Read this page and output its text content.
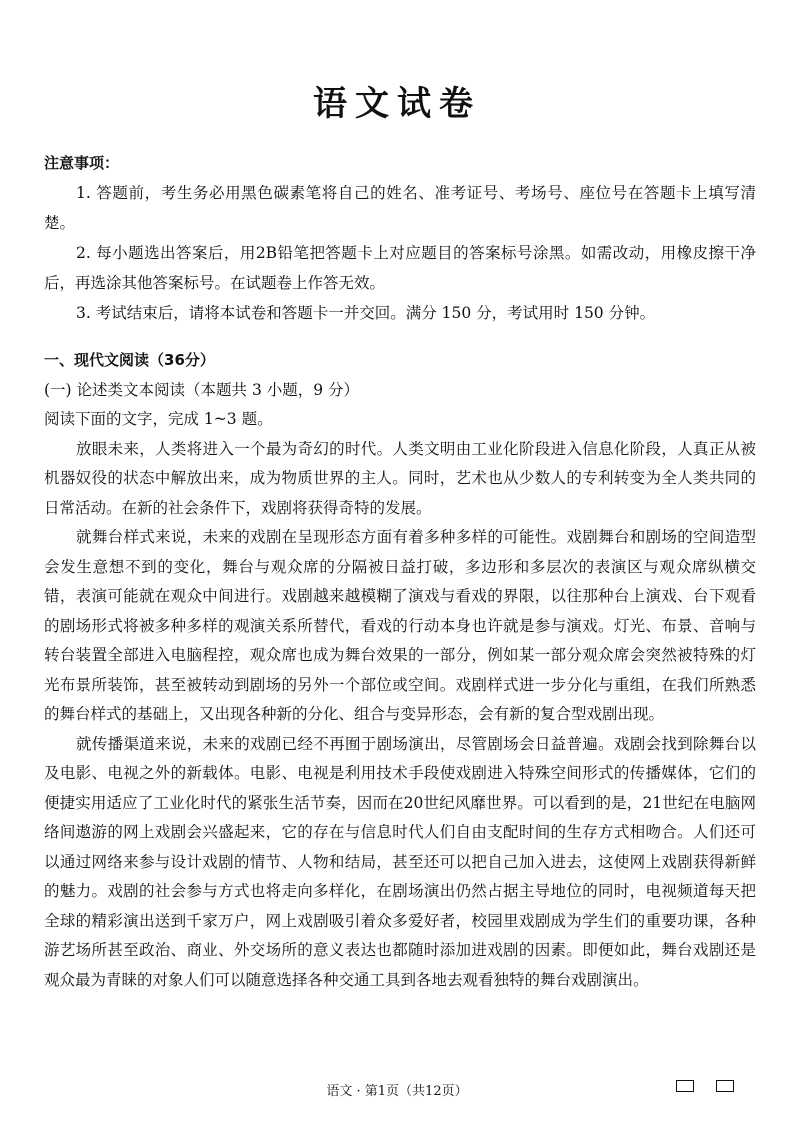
语文试卷
注意事项：
1. 答题前，考生务必用黑色碳素笔将自己的姓名、准考证号、考场号、座位号在答题卡上填写清楚。
2. 每小题选出答案后，用2B铅笔把答题卡上对应题目的答案标号涂黑。如需改动，用橡皮擦干净后，再选涂其他答案标号。在试题卷上作答无效。
3. 考试结束后，请将本试卷和答题卡一并交回。满分 150 分，考试用时 150 分钟。
一、现代文阅读（36分）

(一) 论述类文本阅读（本题共 3 小题，9 分）

阅读下面的文字，完成 1~3 题。

放眼未来，人类将进入一个最为奇幻的时代。人类文明由工业化阶段进入信息化阶段，人真正从被机器奴役的状态中解放出来，成为物质世界的主人。同时，艺术也从少数人的专利转变为全人类共同的日常活动。在新的社会条件下，戏剧将获得奇特的发展。

就舞台样式来说，未来的戏剧在呈现形态方面有着多种多样的可能性。戏剧舞台和剧场的空间造型会发生意想不到的变化，舞台与观众席的分隔被日益打破，多边形和多层次的表演区与观众席纵横交错，表演可能就在观众中间进行。戏剧越来越模糊了演戏与看戏的界限，以往那种台上演戏、台下观看的剧场形式将被多种多样的观演关系所替代，看戏的行动本身也许就是参与演戏。灯光、布景、音响与转台装置全部进入电脑程控，观众席也成为舞台效果的一部分，例如某一部分观众席会突然被特殊的灯光布景所装饰，甚至被转动到剧场的另外一个部位或空间。戏剧样式进一步分化与重组，在我们所熟悉的舞台样式的基础上，又出现各种新的分化、组合与变异形态，会有新的复合型戏剧出现。

就传播渠道来说，未来的戏剧已经不再囿于剧场演出，尽管剧场会日益普遍。戏剧会找到除舞台以及电影、电视之外的新载体。电影、电视是利用技术手段使戏剧进入特殊空间形式的传播媒体，它们的便捷实用适应了工业化时代的紧张生活节奏，因而在20世纪风靡世界。可以看到的是，21世纪在电脑网络间遨游的网上戏剧会兴盛起来，它的存在与信息时代人们自由支配时间的生存方式相吻合。人们还可以通过网络来参与设计戏剧的情节、人物和结局，甚至还可以把自己加入进去，这使网上戏剧获得新鲜的魅力。戏剧的社会参与方式也将走向多样化，在剧场演出仍然占据主导地位的同时，电视频道每天把全球的精彩演出送到千家万户，网上戏剧吸引着众多爱好者，校园里戏剧成为学生们的重要功课，各种游艺场所甚至政治、商业、外交场所的意义表达也都随时添加进戏剧的因素。即便如此，舞台戏剧还是观众最为青睐的对象人们可以随意选择各种交通工具到各地去观看独特的舞台戏剧演出。

语文 · 第1页（共12页）
